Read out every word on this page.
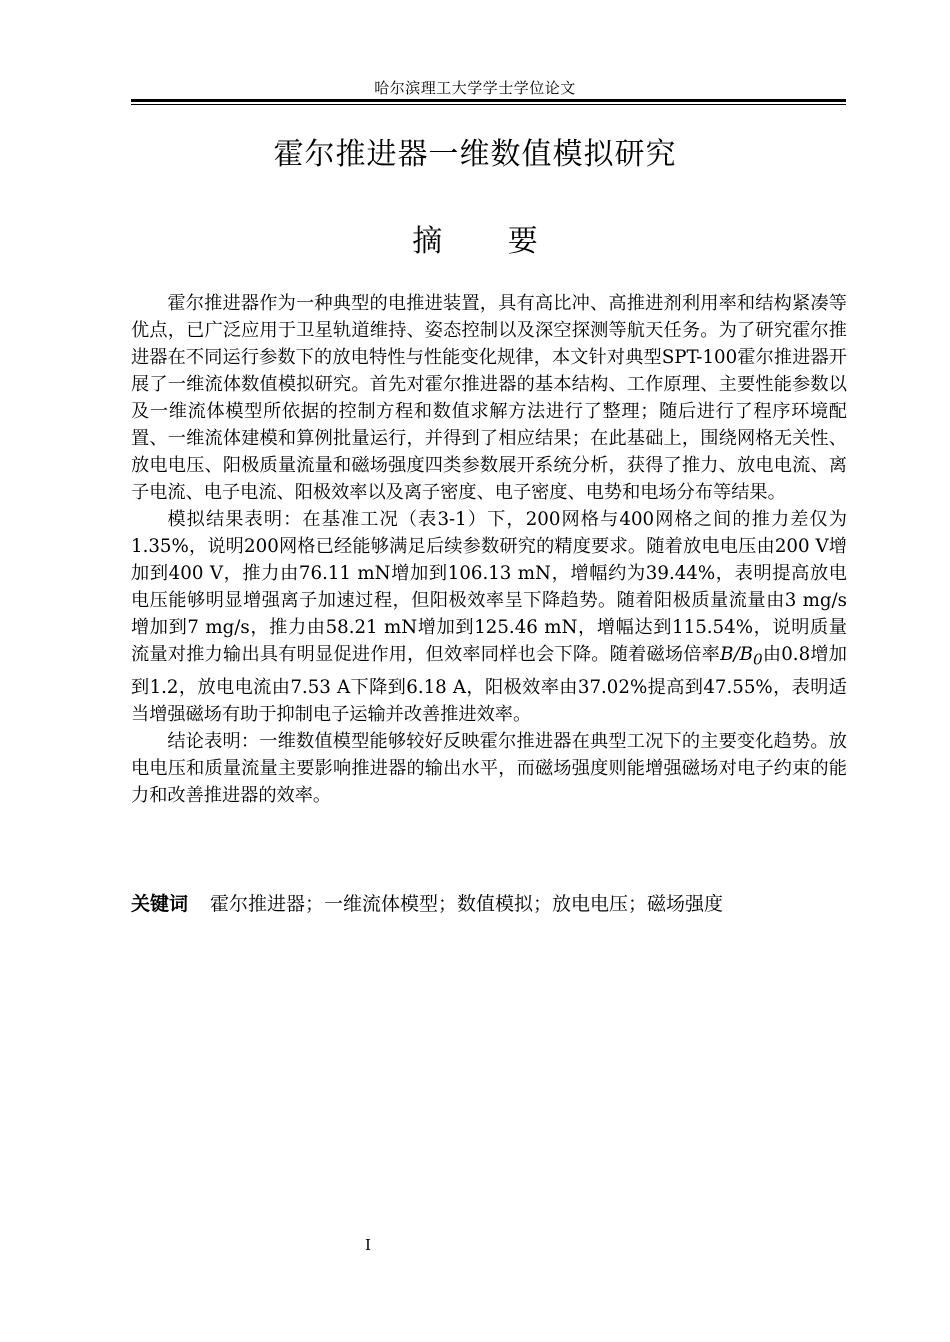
哈尔滨理工大学学士学位论文
霍尔推进器一维数值模拟研究
摘 要

霍尔推进器作为一种典型的电推进装置，具有高比冲、高推进剂利用率和结构紧凑等优点，已广泛应用于卫星轨道维持、姿态控制以及深空探测等航天任务。为了研究霍尔推进器在不同运行参数下的放电特性与性能变化规律，本文针对典型SPT-100霍尔推进器开展了一维流体数值模拟研究。首先对霍尔推进器的基本结构、工作原理、主要性能参数以及一维流体模型所依据的控制方程和数值求解方法进行了整理；随后进行了程序环境配置、一维流体建模和算例批量运行，并得到了相应结果；在此基础上，围绕网格无关性、放电电压、阳极质量流量和磁场强度四类参数展开系统分析，获得了推力、放电电流、离子电流、电子电流、阳极效率以及离子密度、电子密度、电势和电场分布等结果。

模拟结果表明：在基准工况（表3-1）下，200网格与400网格之间的推力差仅为1.35%，说明200网格已经能够满足后续参数研究的精度要求。随着放电电压由200 V增加到400 V，推力由76.11 mN增加到106.13 mN，增幅约为39.44%，表明提高放电电压能够明显增强离子加速过程，但阳极效率呈下降趋势。随着阳极质量流量由3 mg/s增加到7 mg/s，推力由58.21 mN增加到125.46 mN，增幅达到115.54%，说明质量流量对推力输出具有明显促进作用，但效率同样也会下降。随着磁场倍率$B/B_0$由0.8增加到1.2，放电电流由7.53 A下降到6.18 A，阳极效率由37.02%提高到47.55%，表明适当增强磁场有助于抑制电子运输并改善推进效率。

结论表明：一维数值模型能够较好反映霍尔推进器在典型工况下的主要变化趋势。放电电压和质量流量主要影响推进器的输出水平，而磁场强度则能增强磁场对电子约束的能力和改善推进器的效率。

关键词 霍尔推进器；一维流体模型；数值模拟；放电电压；磁场强度
I
